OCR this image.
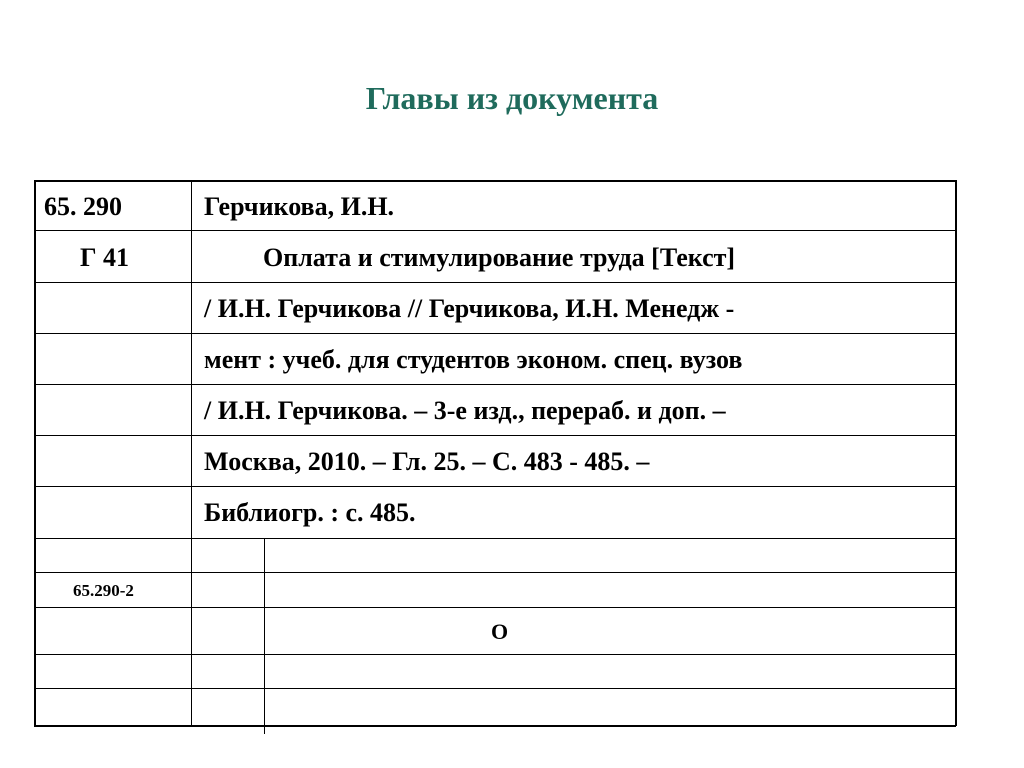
Главы из документа
65. 290
Г 41
65.290-2
Герчикова, И.Н.
Оплата и стимулирование труда [Текст]
/ И.Н. Герчикова // Герчикова, И.Н. Менедж -
мент : учеб. для студентов эконом. спец. вузов
/ И.Н. Герчикова. – 3-е изд., перераб. и доп. –
Москва, 2010. – Гл. 25. – С. 483 - 485. –
Библиогр. : с. 485.
О
